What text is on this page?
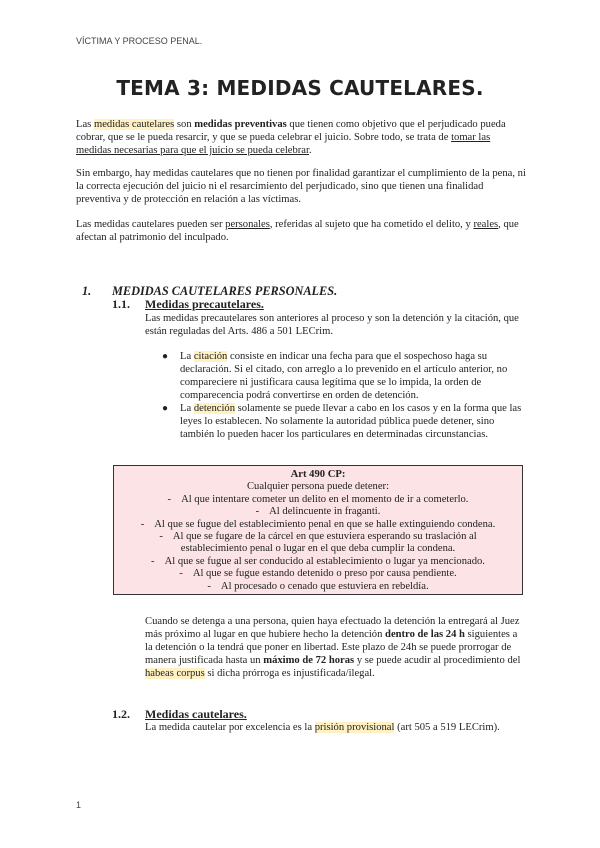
VÍCTIMA Y PROCESO PENAL.
TEMA 3: MEDIDAS CAUTELARES.

Las medidas cautelares son medidas preventivas que tienen como objetivo que el perjudicado pueda cobrar, que se le pueda resarcir, y que se pueda celebrar el juicio. Sobre todo, se trata de tomar las medidas necesarias para que el juicio se pueda celebrar.

Sin embargo, hay medidas cautelares que no tienen por finalidad garantizar el cumplimiento de la pena, ni la correcta ejecución del juicio ni el resarcimiento del perjudicado, sino que tienen una finalidad preventiva y de protección en relación a las víctimas.

Las medidas cautelares pueden ser personales, referidas al sujeto que ha cometido el delito, y reales, que afectan al patrimonio del inculpado.

1. MEDIDAS CAUTELARES PERSONALES.
1.1. Medidas precautelares.

Las medidas precautelares son anteriores al proceso y son la detención y la citación, que están reguladas del Arts. 486 a 501 LECrim.

● La citación consiste en indicar una fecha para que el sospechoso haga su declaración. Si el citado, con arreglo a lo prevenido en el artículo anterior, no compareciere ni justificara causa legítima que se lo impida, la orden de comparecencia podrá convertirse en orden de detención.
● La detención solamente se puede llevar a cabo en los casos y en la forma que las leyes lo establecen. No solamente la autoridad pública puede detener, sino también lo pueden hacer los particulares en determinadas circunstancias.
Art 490 CP:
Cualquier persona puede detener:
- Al que intentare cometer un delito en el momento de ir a cometerlo.
- Al delincuente in fraganti.
- Al que se fugue del establecimiento penal en que se halle extinguiendo condena.
- Al que se fugare de la cárcel en que estuviera esperando su traslación al establecimiento penal o lugar en el que deba cumplir la condena.
- Al que se fugue al ser conducido al establecimiento o lugar ya mencionado.
- Al que se fugue estando detenido o preso por causa pendiente.
- Al procesado o cenado que estuviera en rebeldía.

Cuando se detenga a una persona, quien haya efectuado la detención la entregará al Juez más próximo al lugar en que hubiere hecho la detención dentro de las 24 h siguientes a la detención o la tendrá que poner en libertad. Este plazo de 24h se puede prorrogar de manera justificada hasta un máximo de 72 horas y se puede acudir al procedimiento del habeas corpus si dicha prórroga es injustificada/ilegal.

1.2. Medidas cautelares.

La medida cautelar por excelencia es la prisión provisional (art 505 a 519 LECrim).

1
